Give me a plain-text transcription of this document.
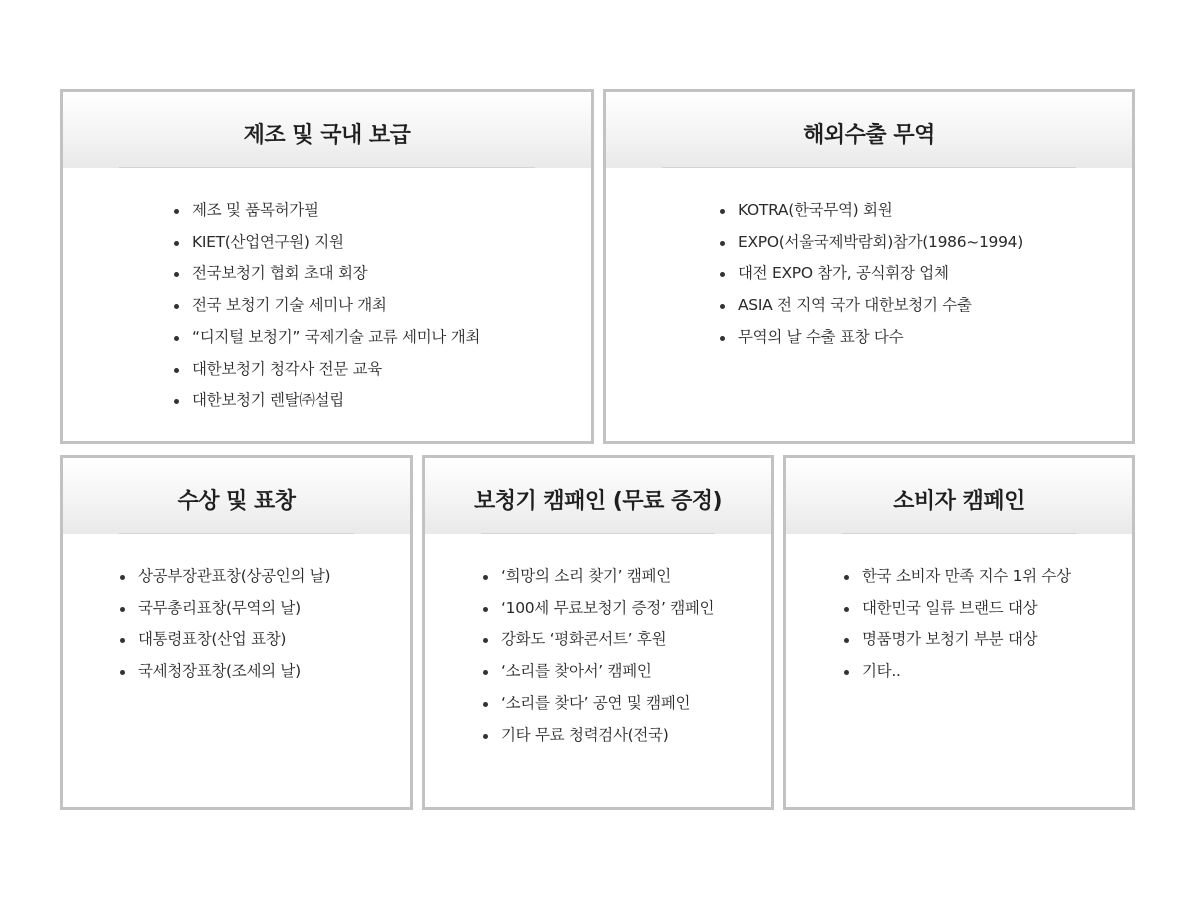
제조 및 국내 보급
제조 및 품목허가필
KIET(산업연구원) 지원
전국보청기 협회 초대 회장
전국 보청기 기술 세미나 개최
“디지털 보청기” 국제기술 교류 세미나 개최
대한보청기 청각사 전문 교육
대한보청기 렌탈㈜설립
해외수출 무역
KOTRA(한국무역) 회원
EXPO(서울국제박람회)참가(1986~1994)
대전 EXPO 참가, 공식휘장 업체
ASIA 전 지역 국가 대한보청기 수출
무역의 날 수출 표창 다수
수상 및 표창
상공부장관표창(상공인의 날)
국무총리표창(무역의 날)
대통령표창(산업 표창)
국세청장표창(조세의 날)
보청기 캠패인 (무료 증정)
‘희망의 소리 찾기’ 캠페인
‘100세 무료보청기 증정’ 캠페인
강화도 ‘평화콘서트’ 후원
‘소리를 찾아서’ 캠페인
‘소리를 찾다’ 공연 및 캠페인
기타 무료 청력검사(전국)
소비자 캠페인
한국 소비자 만족 지수 1위 수상
대한민국 일류 브랜드 대상
명품명가 보청기 부분 대상
기타..
